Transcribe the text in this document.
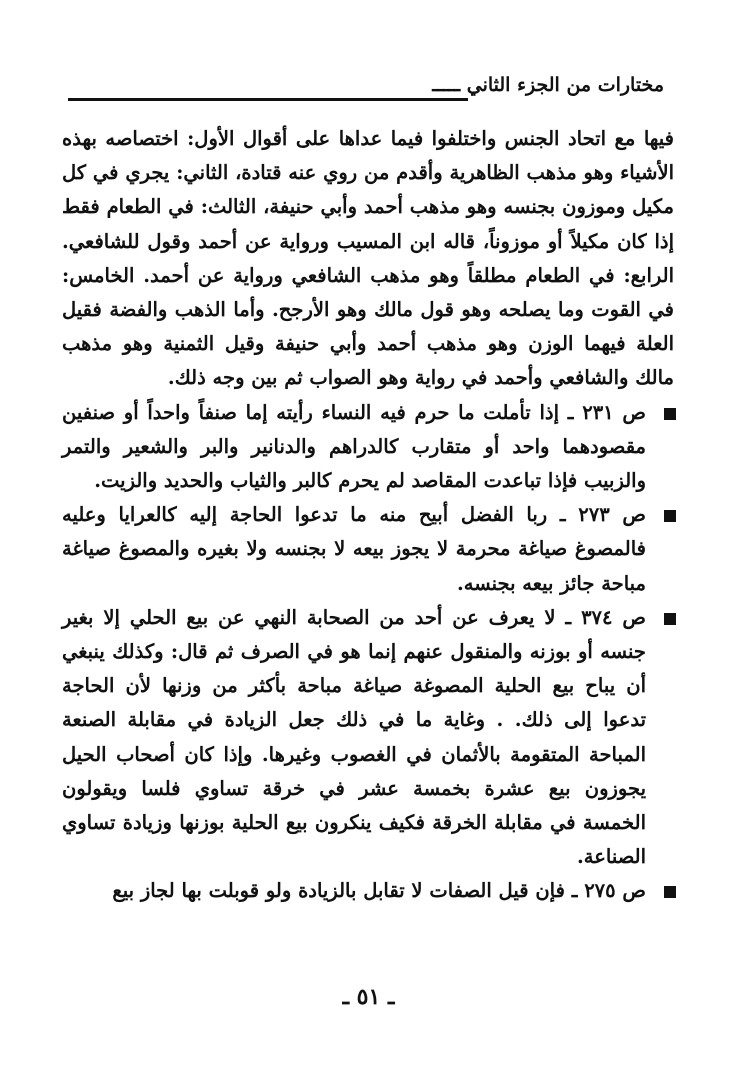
مختارات من الجزء الثاني ـــــ

فيها مع اتحاد الجنس واختلفوا فيما عداها على أقوال الأول: اختصاصه بهذه الأشياء وهو مذهب الظاهرية وأقدم من روي عنه قتادة، الثاني: يجري في كل مكيل وموزون بجنسه وهو مذهب أحمد وأبي حنيفة، الثالث: في الطعام فقط إذا كان مكيلاً أو موزوناً، قاله ابن المسيب ورواية عن أحمد وقول للشافعي. الرابع: في الطعام مطلقاً وهو مذهب الشافعي ورواية عن أحمد. الخامس: في القوت وما يصلحه وهو قول مالك وهو الأرجح. وأما الذهب والفضة فقيل العلة فيهما الوزن وهو مذهب أحمد وأبي حنيفة وقيل الثمنية وهو مذهب مالك والشافعي وأحمد في رواية وهو الصواب ثم بين وجه ذلك.

ص ٢٣١ ـ إذا تأملت ما حرم فيه النساء رأيته إما صنفاً واحداً أو صنفين مقصودهما واحد أو متقارب كالدراهم والدنانير والبر والشعير والتمر والزبيب فإذا تباعدت المقاصد لم يحرم كالبر والثياب والحديد والزيت.

ص ٢٧٣ ـ ربا الفضل أبيح منه ما تدعوا الحاجة إليه كالعرايا وعليه فالمصوغ صياغة محرمة لا يجوز بيعه لا بجنسه ولا بغيره والمصوغ صياغة مباحة جائز بيعه بجنسه.

ص ٣٧٤ ـ لا يعرف عن أحد من الصحابة النهي عن بيع الحلي إلا بغير جنسه أو بوزنه والمنقول عنهم إنما هو في الصرف ثم قال: وكذلك ينبغي أن يباح بيع الحلية المصوغة صياغة مباحة بأكثر من وزنها لأن الحاجة تدعوا إلى ذلك. . وغاية ما في ذلك جعل الزيادة في مقابلة الصنعة المباحة المتقومة بالأثمان في الغصوب وغيرها. وإذا كان أصحاب الحيل يجوزون بيع عشرة بخمسة عشر في خرقة تساوي فلسا ويقولون الخمسة في مقابلة الخرقة فكيف ينكرون بيع الحلية بوزنها وزيادة تساوي الصناعة.

ص ٢٧٥ ـ فإن قيل الصفات لا تقابل بالزيادة ولو قوبلت بها لجاز بيع

ـ ٥١ ـ
